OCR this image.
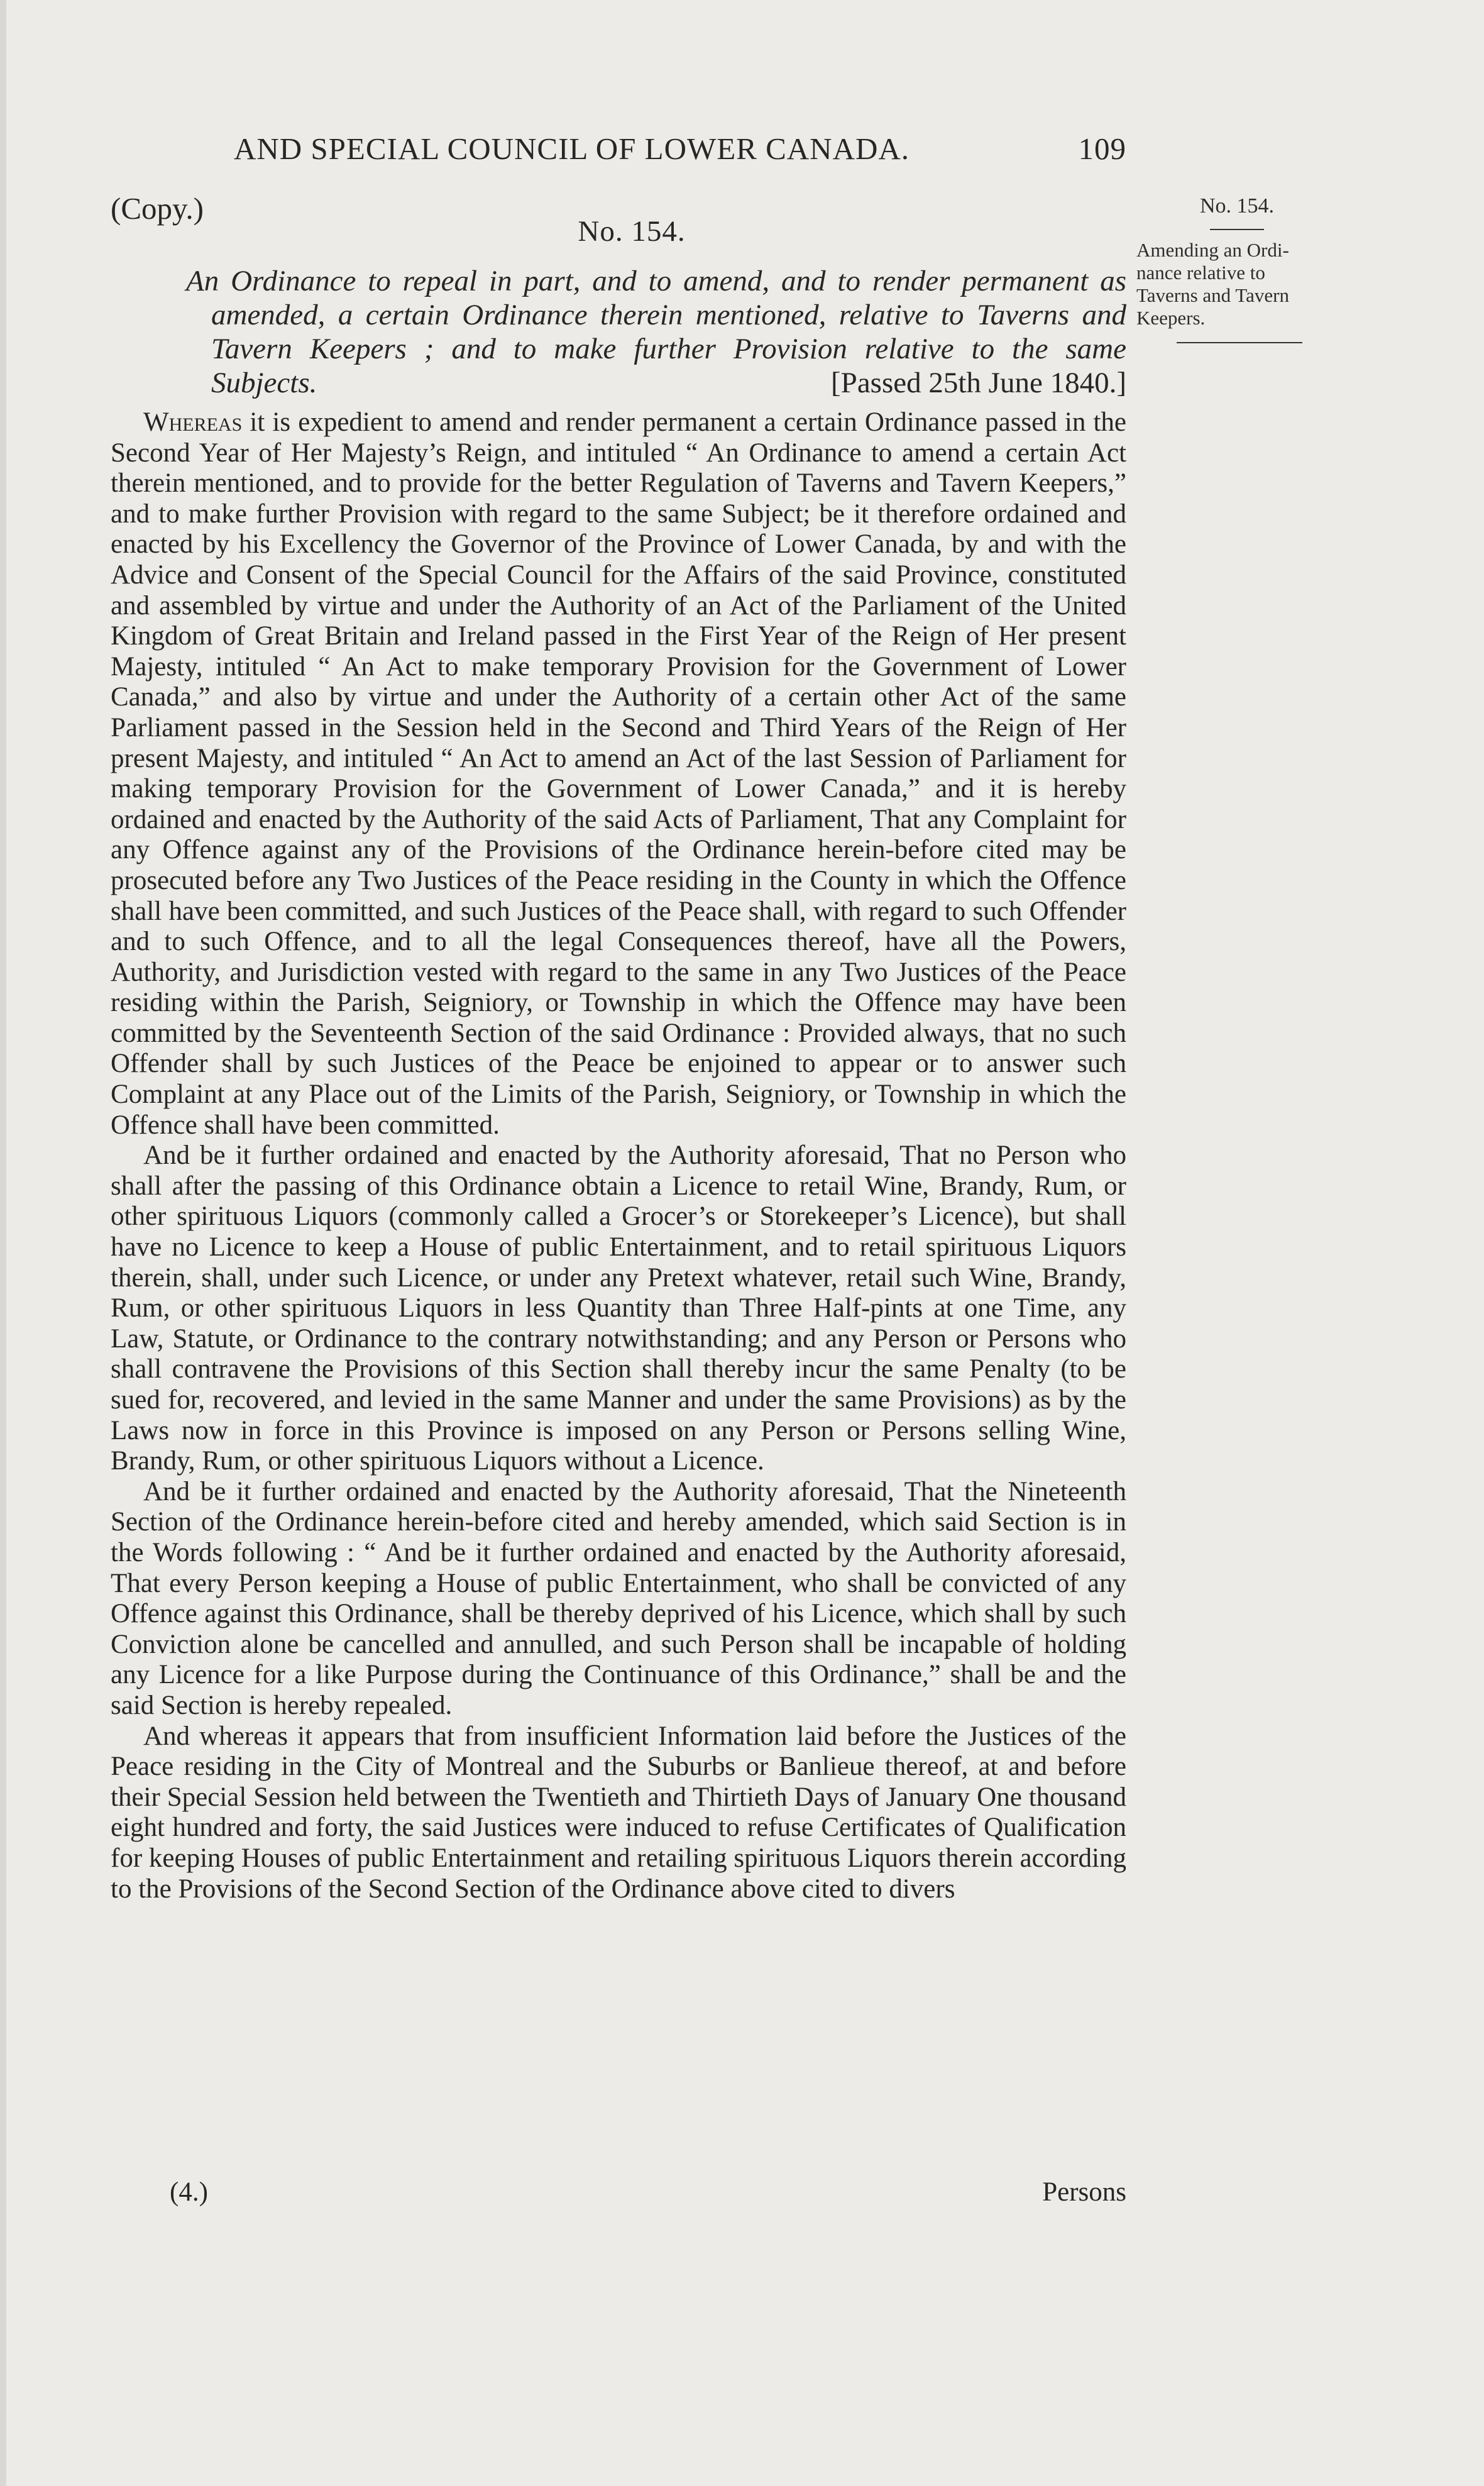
AND SPECIAL COUNCIL OF LOWER CANADA.	109
(Copy.)
No. 154.
An Ordinance to repeal in part, and to amend, and to render permanent as
amended, a certain Ordinance therein mentioned, relative to Taverns and
Tavern Keepers ; and to make further Provision relative to the same
Subjects.	[Passed 25th June 1840.]
No. 154.
Amending an Ordi-
nance relative to
Taverns and Tavern
Keepers.

Whereas it is expedient to amend and render permanent a certain Ordinance passed in the Second Year of Her Majesty’s Reign, and intituled “ An Ordinance to amend a certain Act therein mentioned, and to provide for the better Regulation of Taverns and Tavern Keepers,” and to make further Provision with regard to the same Subject; be it therefore ordained and enacted by his Excellency the Governor of the Province of Lower Canada, by and with the Advice and Consent of the Special Council for the Affairs of the said Province, constituted and assembled by virtue and under the Authority of an Act of the Parliament of the United Kingdom of Great Britain and Ireland passed in the First Year of the Reign of Her present Majesty, intituled “ An Act to make temporary Provision for the Government of Lower Canada,” and also by virtue and under the Authority of a certain other Act of the same Parliament passed in the Session held in the Second and Third Years of the Reign of Her present Majesty, and intituled “ An Act to amend an Act of the last Session of Parliament for making temporary Provision for the Government of Lower Canada,” and it is hereby ordained and enacted by the Authority of the said Acts of Parliament, That any Complaint for any Offence against any of the Provisions of the Ordinance herein-before cited may be prosecuted before any Two Justices of the Peace residing in the County in which the Offence shall have been committed, and such Justices of the Peace shall, with regard to such Offender and to such Offence, and to all the legal Consequences thereof, have all the Powers, Authority, and Jurisdiction vested with regard to the same in any Two Justices of the Peace residing within the Parish, Seigniory, or Township in which the Offence may have been committed by the Seventeenth Section of the said Ordinance : Provided always, that no such Offender shall by such Justices of the Peace be enjoined to appear or to answer such Complaint at any Place out of the Limits of the Parish, Seigniory, or Township in which the Offence shall have been committed.

And be it further ordained and enacted by the Authority aforesaid, That no Person who shall after the passing of this Ordinance obtain a Licence to retail Wine, Brandy, Rum, or other spirituous Liquors (commonly called a Grocer’s or Storekeeper’s Licence), but shall have no Licence to keep a House of public Entertainment, and to retail spirituous Liquors therein, shall, under such Licence, or under any Pretext whatever, retail such Wine, Brandy, Rum, or other spirituous Liquors in less Quantity than Three Half-pints at one Time, any Law, Statute, or Ordinance to the contrary notwithstanding; and any Person or Persons who shall contravene the Provisions of this Section shall thereby incur the same Penalty (to be sued for, recovered, and levied in the same Manner and under the same Provisions) as by the Laws now in force in this Province is imposed on any Person or Persons selling Wine, Brandy, Rum, or other spirituous Liquors without a Licence.

And be it further ordained and enacted by the Authority aforesaid, That the Nineteenth Section of the Ordinance herein-before cited and hereby amended, which said Section is in the Words following : “ And be it further ordained and enacted by the Authority aforesaid, That every Person keeping a House of public Entertainment, who shall be convicted of any Offence against this Ordinance, shall be thereby deprived of his Licence, which shall by such Conviction alone be cancelled and annulled, and such Person shall be incapable of holding any Licence for a like Purpose during the Continuance of this Ordinance,” shall be and the said Section is hereby repealed.

And whereas it appears that from insufficient Information laid before the Justices of the Peace residing in the City of Montreal and the Suburbs or Banlieue thereof, at and before their Special Session held between the Twentieth and Thirtieth Days of January One thousand eight hundred and forty, the said Justices were induced to refuse Certificates of Qualification for keeping Houses of public Entertainment and retailing spirituous Liquors therein according to the Provisions of the Second Section of the Ordinance above cited to divers

(4.)	Persons
